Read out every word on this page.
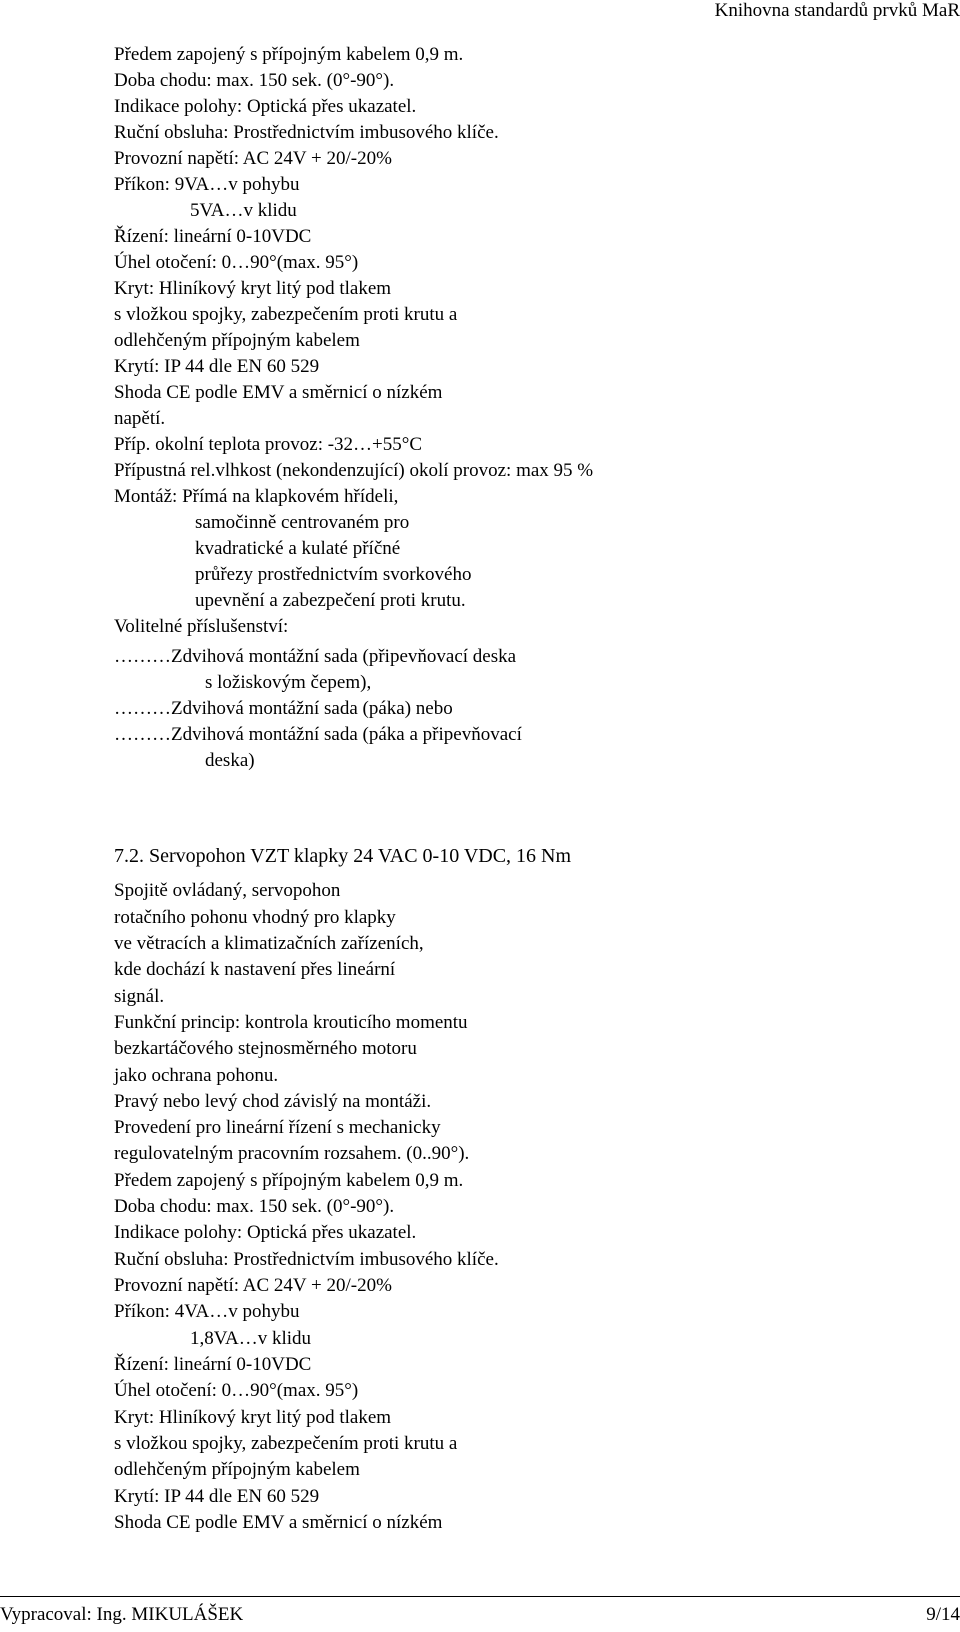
Knihovna standardů prvků MaR
Předem zapojený s přípojným kabelem 0,9 m.
Doba chodu: max. 150 sek. (0°-90°).
Indikace polohy: Optická přes ukazatel.
Ruční obsluha: Prostřednictvím imbusového klíče.
Provozní napětí: AC 24V + 20/-20%
Příkon: 9VA…v pohybu
5VA…v klidu
Řízení: lineární 0-10VDC
Úhel otočení: 0…90°(max. 95°)
Kryt: Hliníkový kryt litý pod tlakem
s vložkou spojky, zabezpečením proti krutu a
odlehčeným přípojným kabelem
Krytí: IP 44 dle EN 60 529
Shoda CE podle EMV a směrnicí o nízkém
napětí.
Příp. okolní teplota provoz: -32…+55°C
Přípustná rel.vlhkost (nekondenzující) okolí provoz: max 95 %
Montáž: Přímá na klapkovém hřídeli,
samočinně centrovaném pro
kvadratické a kulaté příčné
průřezy prostřednictvím svorkového
upevnění a zabezpečení proti krutu.
Volitelné příslušenství:
………Zdvihová montážní sada (připevňovací deska
s ložiskovým čepem),
………Zdvihová montážní sada (páka) nebo
………Zdvihová montážní sada (páka a připevňovací
deska)
7.2. Servopohon VZT klapky 24 VAC 0-10 VDC, 16 Nm
Spojitě ovládaný, servopohon
rotačního pohonu vhodný pro klapky
ve větracích a klimatizačních zařízeních,
kde dochází k nastavení přes lineární
signál.
Funkční princip: kontrola krouticího momentu
bezkartáčového stejnosměrného motoru
jako ochrana pohonu.
Pravý nebo levý chod závislý na montáži.
Provedení pro lineární řízení s mechanicky
regulovatelným pracovním rozsahem. (0..90°).
Předem zapojený s přípojným kabelem 0,9 m.
Doba chodu: max. 150 sek. (0°-90°).
Indikace polohy: Optická přes ukazatel.
Ruční obsluha: Prostřednictvím imbusového klíče.
Provozní napětí: AC 24V + 20/-20%
Příkon: 4VA…v pohybu
1,8VA…v klidu
Řízení: lineární 0-10VDC
Úhel otočení: 0…90°(max. 95°)
Kryt: Hliníkový kryt litý pod tlakem
s vložkou spojky, zabezpečením proti krutu a
odlehčeným přípojným kabelem
Krytí: IP 44 dle EN 60 529
Shoda CE podle EMV a směrnicí o nízkém
Vypracoval: Ing. MIKULÁŠEK	9/14
